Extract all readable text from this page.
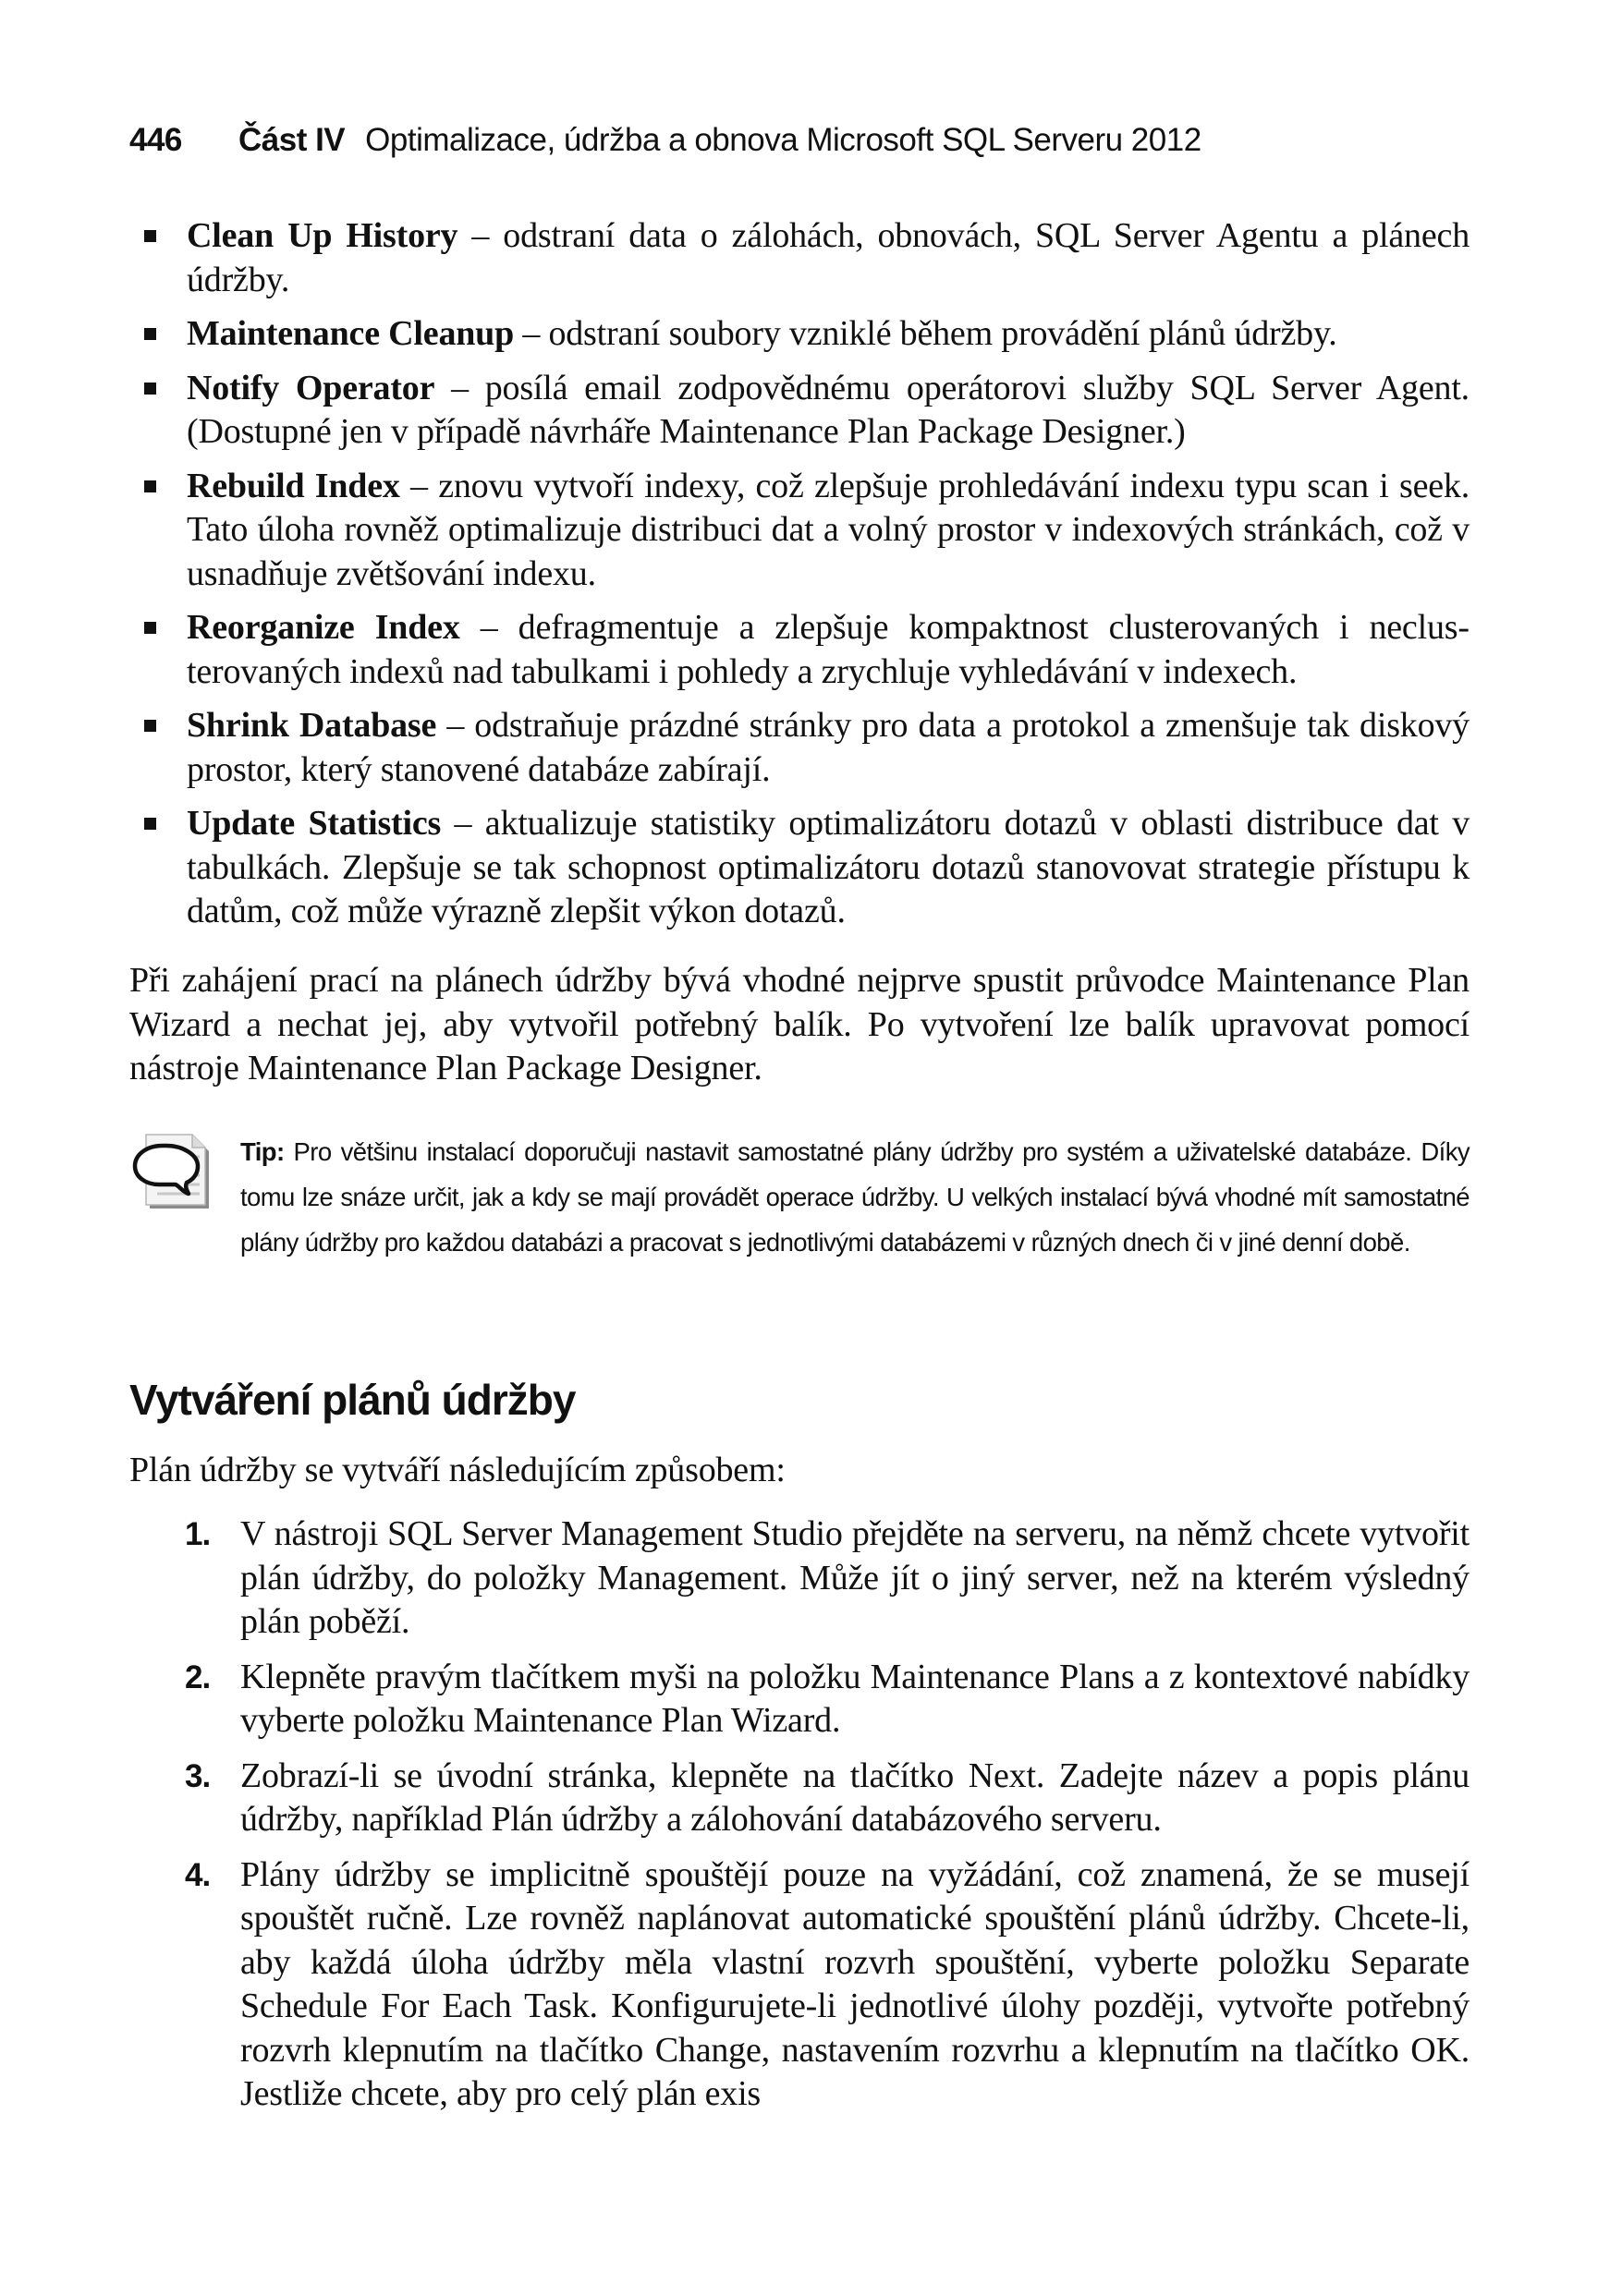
446 Část IV Optimalizace, údržba a obnova Microsoft SQL Serveru 2012
Clean Up History – odstraní data o zálohách, obnovách, SQL Server Agentu a plánech údržby.
Maintenance Cleanup – odstraní soubory vzniklé během provádění plánů údržby.
Notify Operator – posílá email zodpovědnému operátorovi služby SQL Server Agent. (Dostupné jen v případě návrháře Maintenance Plan Package Designer.)
Rebuild Index – znovu vytvoří indexy, což zlepšuje prohledávání indexu typu scan i seek. Tato úloha rovněž optimalizuje distribuci dat a volný prostor v indexových stránkách, což v usnadňuje zvětšování indexu.
Reorganize Index – defragmentuje a zlepšuje kompaktnost clusterovaných i neclusterovaných indexů nad tabulkami i pohledy a zrychluje vyhledávání v indexech.
Shrink Database – odstraňuje prázdné stránky pro data a protokol a zmenšuje tak diskový prostor, který stanovené databáze zabírají.
Update Statistics – aktualizuje statistiky optimalizátoru dotazů v oblasti distribuce dat v tabulkách. Zlepšuje se tak schopnost optimalizátoru dotazů stanovovat strategie přístupu k datům, což může výrazně zlepšit výkon dotazů.

Při zahájení prací na plánech údržby bývá vhodné nejprve spustit průvodce Maintenance Plan Wizard a nechat jej, aby vytvořil potřebný balík. Po vytvoření lze balík upravovat pomocí nástroje Maintenance Plan Package Designer.

Tip: Pro většinu instalací doporučuji nastavit samostatné plány údržby pro systém a uživatelské databáze. Díky tomu lze snáze určit, jak a kdy se mají provádět operace údržby. U velkých instalací bývá vhodné mít samostatné plány údržby pro každou databázi a pracovat s jednotlivými databázemi v různých dnech či v jiné denní době.

Vytváření plánů údržby

Plán údržby se vytváří následujícím způsobem:

1. V nástroji SQL Server Management Studio přejděte na serveru, na němž chcete vytvořit plán údržby, do položky Management. Může jít o jiný server, než na kterém výsledný plán poběží.
2. Klepněte pravým tlačítkem myši na položku Maintenance Plans a z kontextové nabídky vyberte položku Maintenance Plan Wizard.
3. Zobrazí-li se úvodní stránka, klepněte na tlačítko Next. Zadejte název a popis plánu údržby, například Plán údržby a zálohování databázového serveru.
4. Plány údržby se implicitně spouštějí pouze na vyžádání, což znamená, že se musejí spouštět ručně. Lze rovněž naplánovat automatické spouštění plánů údržby. Chcete-li, aby každá úloha údržby měla vlastní rozvrh spouštění, vyberte položku Separate Schedule For Each Task. Konfigurujete-li jednotlivé úlohy později, vytvořte potřebný rozvrh klepnutím na tlačítko Change, nastavením rozvrhu a klepnutím na tlačítko OK. Jestliže chcete, aby pro celý plán exis
